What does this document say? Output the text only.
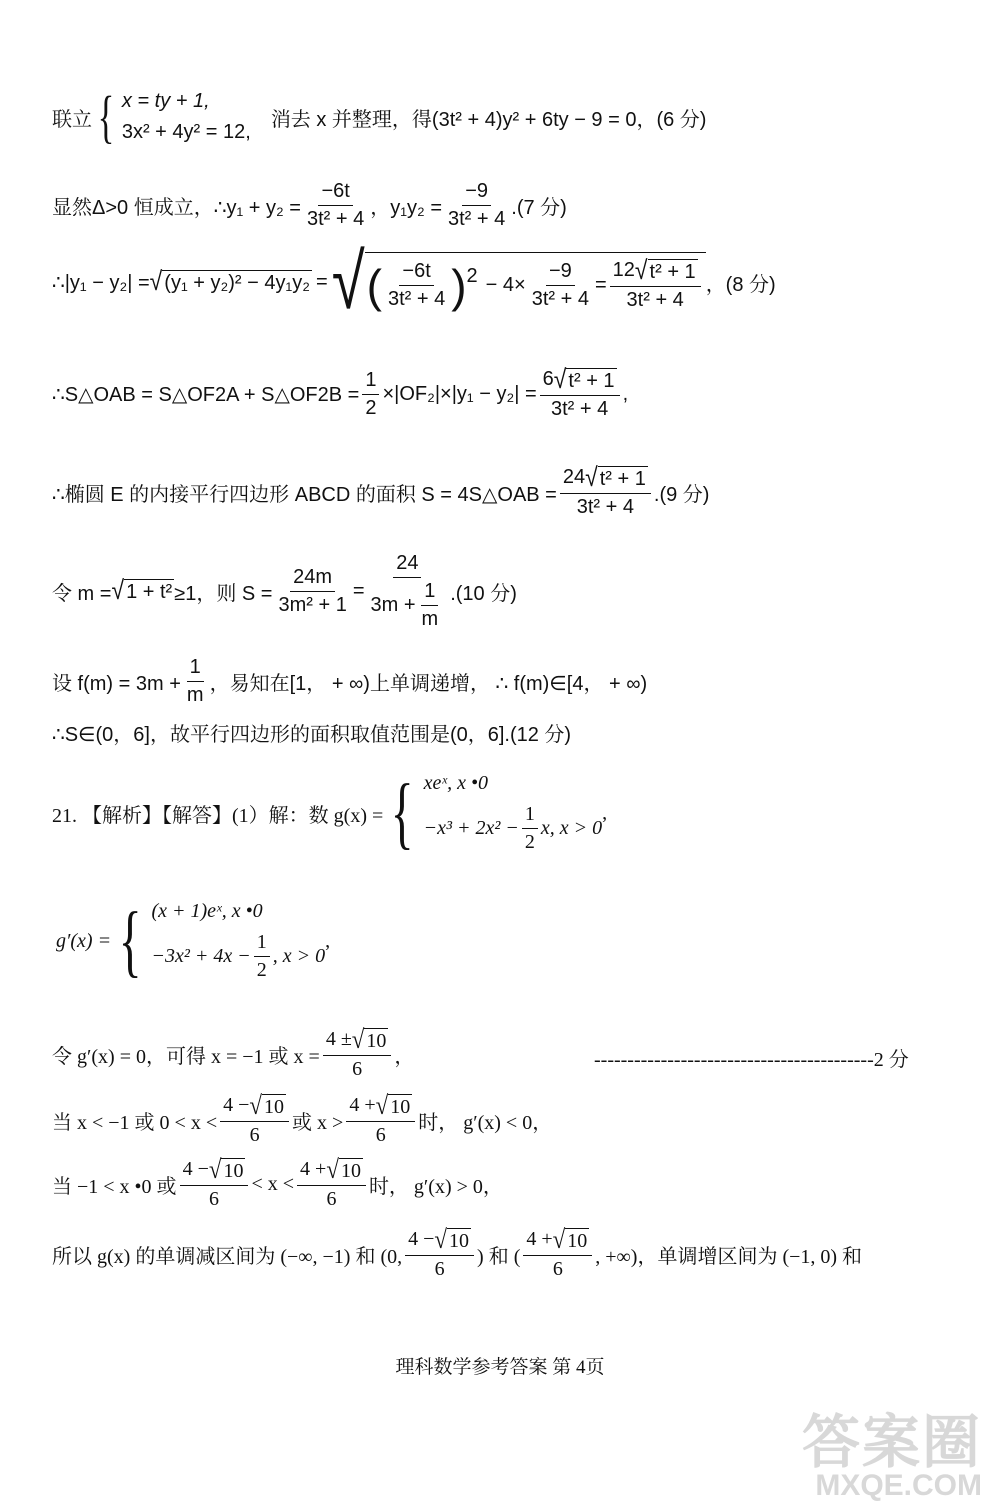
联立 { x = ty + 1,
3x² + 4y² = 12,
消去 x 并整理，得(3t² + 4)y² + 6ty − 9 = 0，(6 分)
显然Δ>0 恒成立，∴y₁ + $y_2 = \frac{-6t}{\text{3t² + 4}}$ ，$y_1y_2 = \frac{-9}{\text{3t² + 4}} .(7$ 分)
∴|y₁ − y₂| = √ (y₁ + y₂)² − 4y₁y₂ = √ ( $\frac{-6t}{\text{3t² + 4}}$ ) $2 - 4\times \frac{-9}{\text{3t² + 4}} = \frac{\text{12 √ t² + 1}}{\text{3t² + 4}}$ ，(8 分)
∴S△OAB = S△OF2A + S△OF2B = $\frac{1}{2} \times|OF_2|\times|y_1 - y_2| = \frac{\text{6 √ t² + 1}}{\text{3t² + 4}}$ ,
∴椭圆 E 的内接平行四边形 ABCD 的面积 S = 4S△OAB = $\frac{\text{24 √ t² + 1}}{\text{3t² + 4}} .(9$ 分)
令 m = √ 1 + t² ≥1，则 $S = \frac{24m}{\text{3m² + 1}} = \frac{24}{3m + \frac{1}{m}} .(10$ 分)
设 $f(m) = 3m + \frac{1}{m}$ ，易知在[1， + ∞)上单调递增， ∴ f(m)∈[4， + ∞)
∴S∈(0，6]，故平行四边形的面积取值范围是(0，6].(12 分)
21. 【解析】【解答】(1）解：数 g(x) = { xeˣ, x •0
$-x^3 + 2x^2 - \frac{1}{2} x$, x > 0
,
g′(x) = { (x + 1)eˣ, x •0
$-3x^2 + 4x - \frac{1}{2}$ , x > 0
,
令 g′(x) = 0，可得 x = −1 或 $x = \frac{4 \pm √ 10}{6}$ ，	------------------------------------------2 分
当 x < −1 或 $0 < x < \frac{4 - √ 10}{6}$ 或 $x > \frac{4 + √ 10}{6}$ 时， g′(x) < 0，
当 −1 < x •0 或 $\frac{4 - √ 10}{6} < x < \frac{4 + √ 10}{6}$ 时， g′(x) > 0，
所以 g(x) 的单调减区间为 (−∞, −1) 和 (0, $\frac{4 - √ 10}{6}$ ) 和 ( $\frac{4 + √ 10}{6}$ , +∞)，单调增区间为 (−1, 0) 和
理科数学参考答案 第 4页
答案圈
MXQE.COM
